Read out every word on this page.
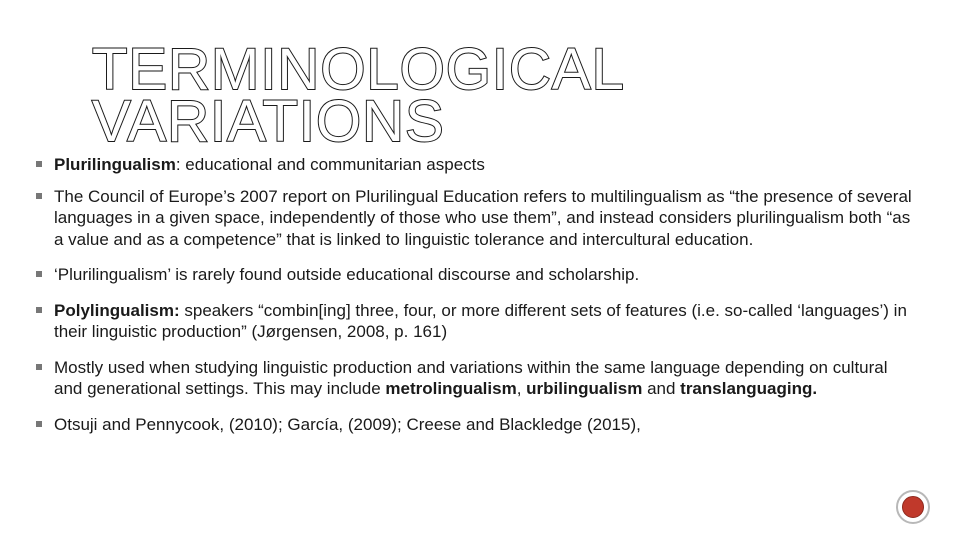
TERMINOLOGICAL VARIATIONS
Plurilingualism: educational and communitarian aspects
The Council of Europe’s 2007 report on Plurilingual Education refers to multilingualism as “the presence of several languages in a given space, independently of those who use them”, and instead considers plurilingualism both “as a value and as a competence” that is linked to linguistic tolerance and intercultural education.
‘Plurilingualism’ is rarely found outside educational discourse and scholarship.
Polylingualism: speakers “combin[ing] three, four, or more different sets of features (i.e. so-called ‘languages’) in their linguistic production” (Jørgensen, 2008, p. 161)
Mostly used when studying linguistic production and variations within the same language depending on cultural and generational settings. This may include metrolingualism, urbilingualism and translanguaging.
Otsuji and Pennycook, (2010); García, (2009); Creese and Blackledge (2015),
